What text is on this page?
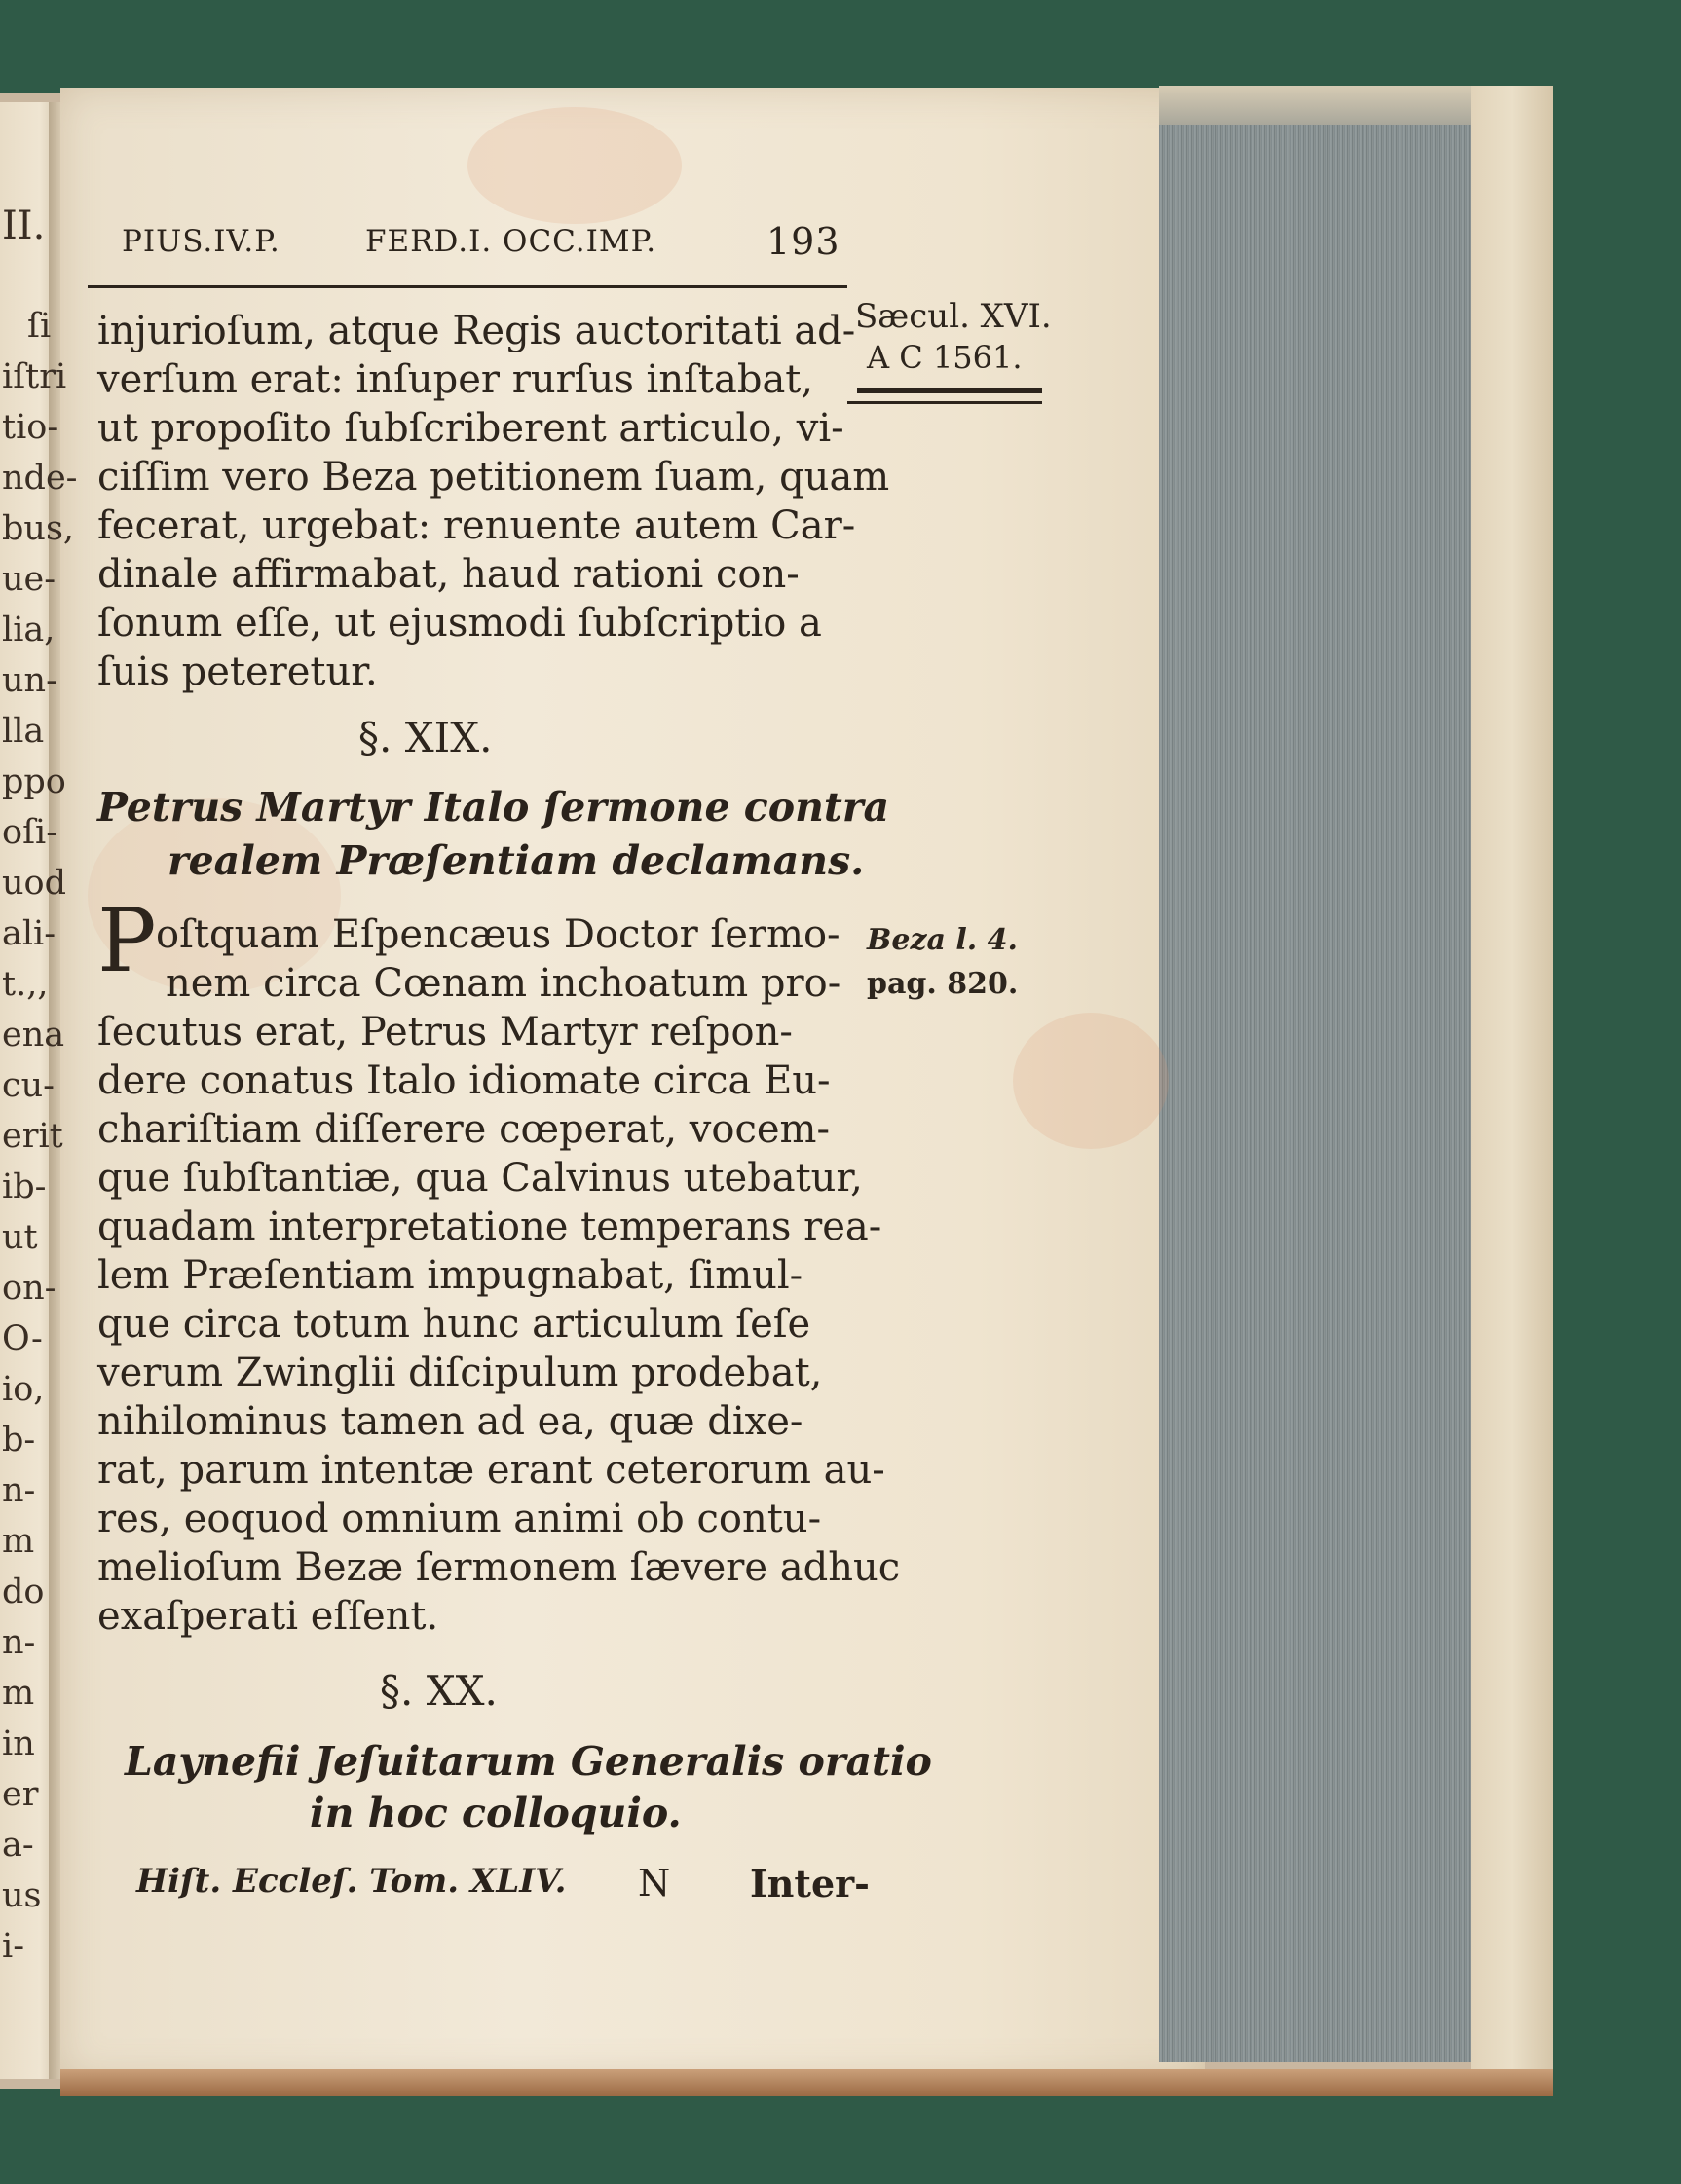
II.
ſi
iſtri
tio-
nde-
bus,
ue-
lia,
un-
lla
ppo
oſi-
uod
ali-
t.,,
ena
cu-
erit
ib-
ut
on-
O-
io,
b-
n-
m
do
n-
m
in
er
a-
us
i-
PIUS.IV.P.	FERD.I. OCC.IMP.	193
Sæcul. XVI.
A C 1561.
injurioſum, atque Regis auctoritati ad-
verſum erat: inſuper rurſus inſtabat,
ut propoſito ſubſcriberent articulo, vi-
ciſſim vero Beza petitionem ſuam, quam
fecerat, urgebat: renuente autem Car-
dinale affirmabat, haud rationi con-
ſonum eſſe, ut ejusmodi ſubſcriptio a
ſuis peteretur.
§. XIX.
Petrus Martyr Italo ſermone contra
realem Præſentiam declamans.
P oſtquam Eſpencæus Doctor ſermo-
nem circa Cœnam inchoatum pro-
Beza l. 4.
pag. 820.
ſecutus erat, Petrus Martyr reſpon-
dere conatus Italo idiomate circa Eu-
chariſtiam diſſerere cœperat, vocem-
que ſubſtantiæ, qua Calvinus utebatur,
quadam interpretatione temperans rea-
lem Præſentiam impugnabat, ſimul-
que circa totum hunc articulum ſeſe
verum Zwinglii diſcipulum prodebat,
nihilominus tamen ad ea, quæ dixe-
rat, parum intentæ erant ceterorum au-
res, eoquod omnium animi ob contu-
melioſum Bezæ ſermonem ſævere adhuc
exaſperati eſſent.
§. XX.
Laynefii Jeſuitarum Generalis oratio
in hoc colloquio.
Hiſt. Eccleſ. Tom. XLIV. N Inter-
